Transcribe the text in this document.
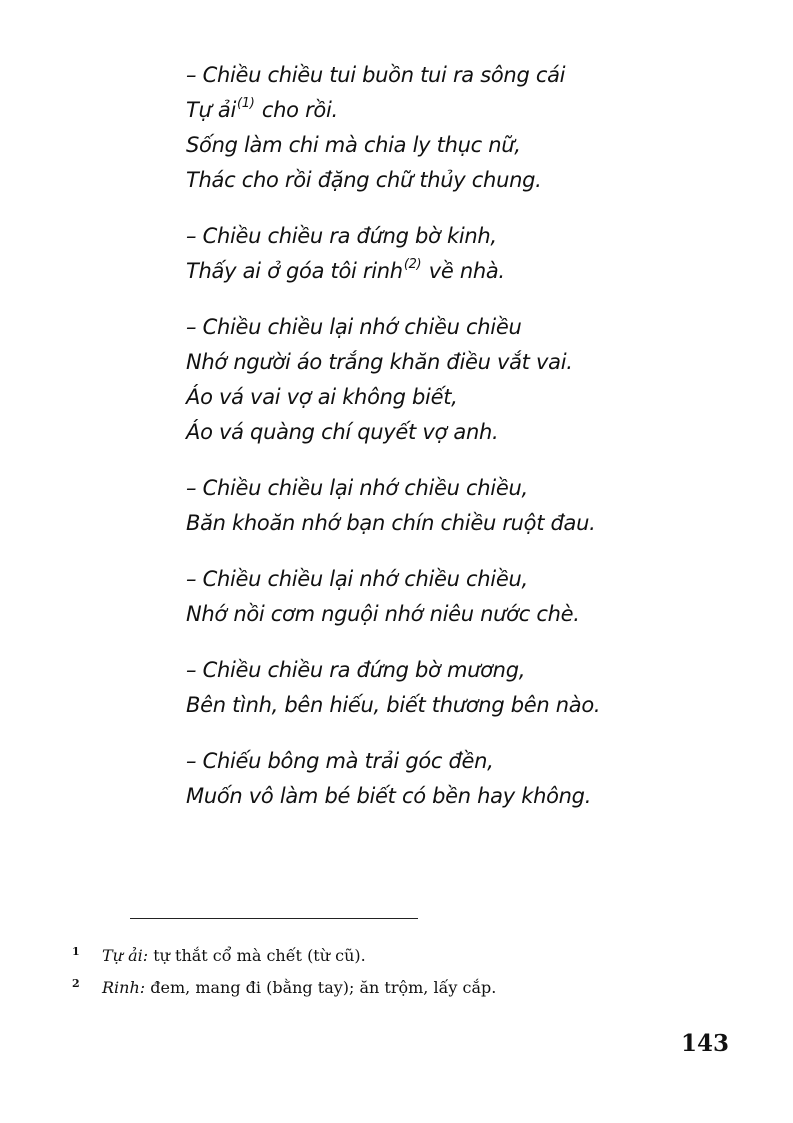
– Chiều chiều tui buồn tui ra sông cái
Tự ải$^{(1)}$ cho rồi.
Sống làm chi mà chia ly thục nữ,
Thác cho rồi đặng chữ thủy chung.
– Chiều chiều ra đứng bờ kinh,
Thấy ai ở góa tôi rinh$^{(2)}$ về nhà.
– Chiều chiều lại nhớ chiều chiều
Nhớ người áo trắng khăn điều vắt vai.
Áo vá vai vợ ai không biết,
Áo vá quàng chí quyết vợ anh.
– Chiều chiều lại nhớ chiều chiều,
Băn khoăn nhớ bạn chín chiều ruột đau.
– Chiều chiều lại nhớ chiều chiều,
Nhớ nồi cơm nguội nhớ niêu nước chè.
– Chiều chiều ra đứng bờ mương,
Bên tình, bên hiếu, biết thương bên nào.
– Chiếu bông mà trải góc đền,
Muốn vô làm bé biết có bền hay không.
1 Tự ải: tự thắt cổ mà chết (từ cũ).
2 Rinh: đem, mang đi (bằng tay); ăn trộm, lấy cắp.
143
